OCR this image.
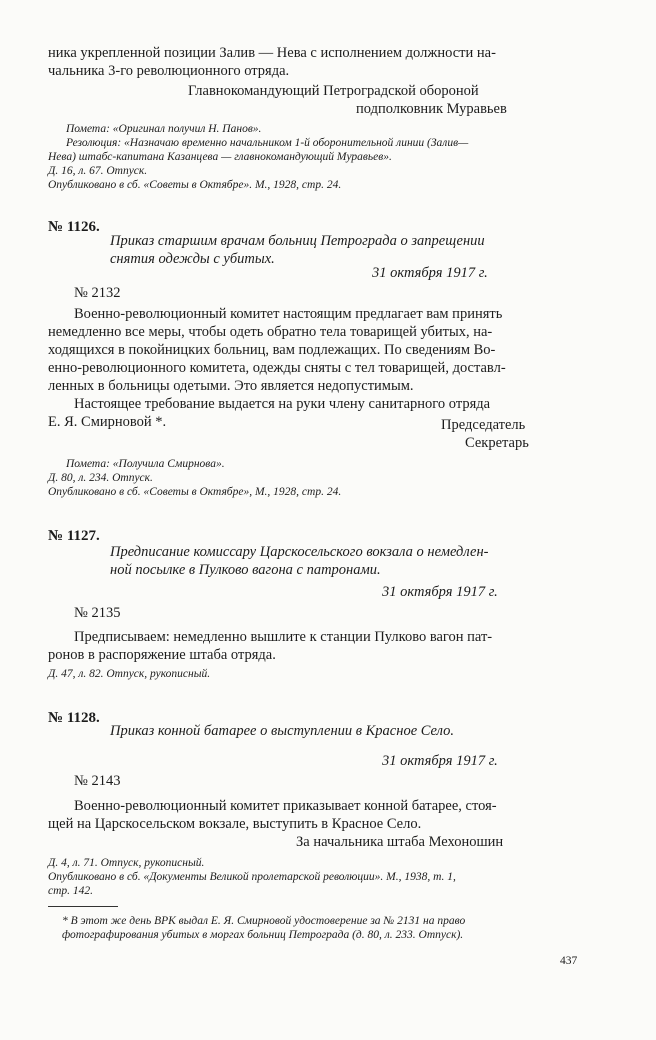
ника укрепленной позиции Залив — Нева с исполнением должности на-
чальника 3-го революционного отряда.
Главнокомандующий Петроградской обороной
подполковник Муравьев
Помета: «Оригинал получил Н. Панов».
Резолюция: «Назначаю временно начальником 1-й оборонительной линии (Залив—
Нева) штабс-капитана Казанцева — главнокомандующий Муравьев».
Д. 16, л. 67. Отпуск.
Опубликовано в сб. «Советы в Октябре». М., 1928, стр. 24.
№ 1126.
Приказ старшим врачам больниц Петрограда о запрещении
снятия одежды с убитых.
31 октября 1917 г.
№ 2132
Военно-революционный комитет настоящим предлагает вам принять
немедленно все меры, чтобы одеть обратно тела товарищей убитых, на-
ходящихся в покойницких больниц, вам подлежащих. По сведениям Во-
енно-революционного комитета, одежды сняты с тел товарищей, доставл-
ленных в больницы одетыми. Это является недопустимым.
Настоящее требование выдается на руки члену санитарного отряда
Е. Я. Смирновой *.	Председатель
Секретарь
Помета: «Получила Смирнова».
Д. 80, л. 234. Отпуск.
Опубликовано в сб. «Советы в Октябре», М., 1928, стр. 24.
№ 1127.
Предписание комиссару Царскосельского вокзала о немедлен-
ной посылке в Пулково вагона с патронами.
31 октября 1917 г.
№ 2135
Предписываем: немедленно вышлите к станции Пулково вагон пат-
ронов в распоряжение штаба отряда.
Д. 47, л. 82. Отпуск, рукописный.
№ 1128.
Приказ конной батарее о выступлении в Красное Село.
31 октября 1917 г.
№ 2143
Военно-революционный комитет приказывает конной батарее, стоя-
щей на Царскосельском вокзале, выступить в Красное Село.
За начальника штаба Мехоношин
Д. 4, л. 71. Отпуск, рукописный.
Опубликовано в сб. «Документы Великой пролетарской революции». М., 1938, т. 1,
стр. 142.
* В этот же день ВРК выдал Е. Я. Смирновой удостоверение за № 2131 на право
фотографирования убитых в моргах больниц Петрограда (д. 80, л. 233. Отпуск).
437
